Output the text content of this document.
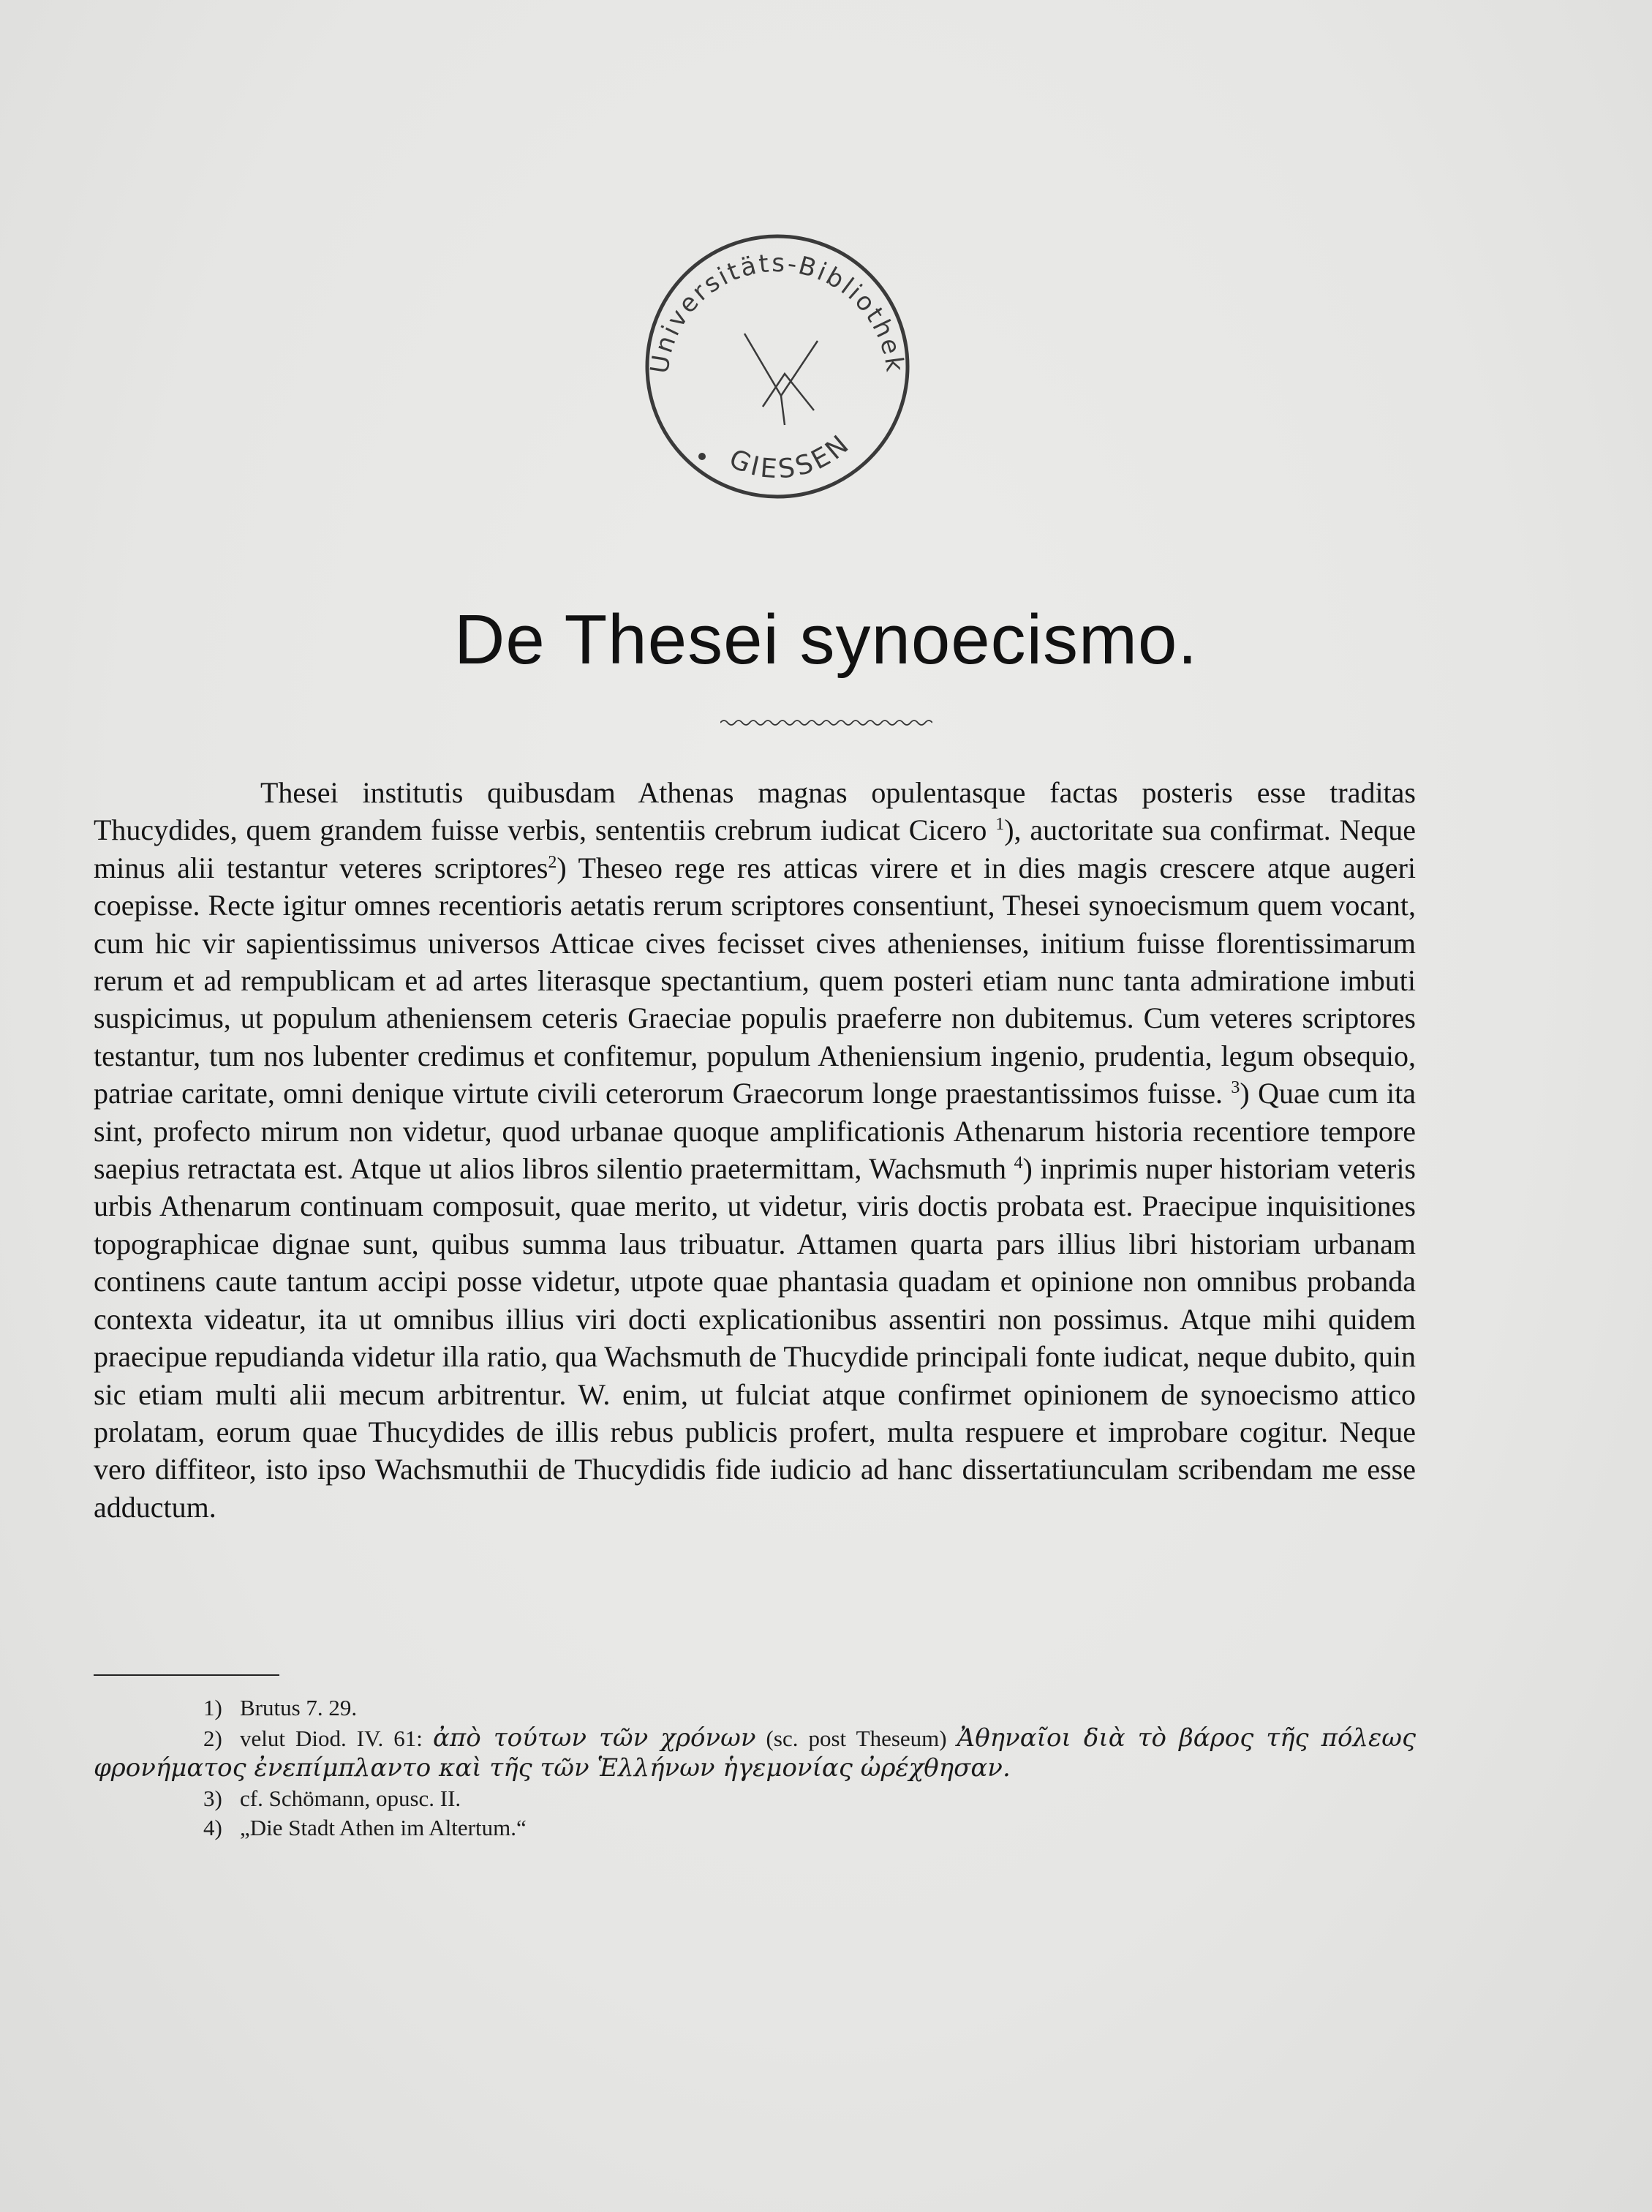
Universitäts-Bibliothek
GIESSEN
De Thesei synoecismo.

Thesei institutis quibusdam Athenas magnas opulentasque factas posteris esse traditas Thucydides, quem grandem fuisse verbis, sententiis crebrum iudicat Cicero $^1$), auctoritate sua confirmat. Neque minus alii testantur veteres scriptores$^2$) Theseo rege res atticas virere et in dies magis crescere atque augeri coepisse. Recte igitur omnes recentioris aetatis rerum scriptores consentiunt, Thesei synoecismum quem vocant, cum hic vir sapientissimus universos Atticae cives fecisset cives athenienses, initium fuisse florentissimarum rerum et ad rempublicam et ad artes literasque spectantium, quem posteri etiam nunc tanta admiratione imbuti suspicimus, ut populum atheniensem ceteris Graeciae populis praeferre non dubitemus. Cum veteres scriptores testantur, tum nos lubenter credimus et confitemur, populum Atheniensium ingenio, prudentia, legum obsequio, patriae caritate, omni denique virtute civili ceterorum Graecorum longe praestantissimos fuisse. $^3$) Quae cum ita sint, profecto mirum non videtur, quod urbanae quoque amplificationis Athenarum historia recentiore tempore saepius retractata est. Atque ut alios libros silentio praetermittam, Wachsmuth $^4$) inprimis nuper historiam veteris urbis Athenarum continuam composuit, quae merito, ut videtur, viris doctis probata est. Praecipue inquisitiones topographicae dignae sunt, quibus summa laus tribuatur. Attamen quarta pars illius libri historiam urbanam continens caute tantum accipi posse videtur, utpote quae phantasia quadam et opinione non omnibus probanda contexta videatur, ita ut omnibus illius viri docti explicationibus assentiri non possimus. Atque mihi quidem praecipue repudianda videtur illa ratio, qua Wachsmuth de Thucydide principali fonte iudicat, neque dubito, quin sic etiam multi alii mecum arbitrentur. W. enim, ut fulciat atque confirmet opinionem de synoecismo attico prolatam, eorum quae Thucydides de illis rebus publicis profert, multa respuere et improbare cogitur. Neque vero diffiteor, isto ipso Wachsmuthii de Thucydidis fide iudicio ad hanc dissertatiunculam scribendam me esse adductum.

1) Brutus 7. 29.
2) velut Diod. IV. 61: ἀπὸ τούτων τῶν χρόνων (sc. post Theseum) Ἀθηναῖοι διὰ τὸ βάρος τῆς πόλεως φρονήματος ἐνεπίμπλαντο καὶ τῆς τῶν Ἑλλήνων ἡγεμονίας ὠρέχθησαν.
3) cf. Schömann, opusc. II.
4) „Die Stadt Athen im Altertum.“
